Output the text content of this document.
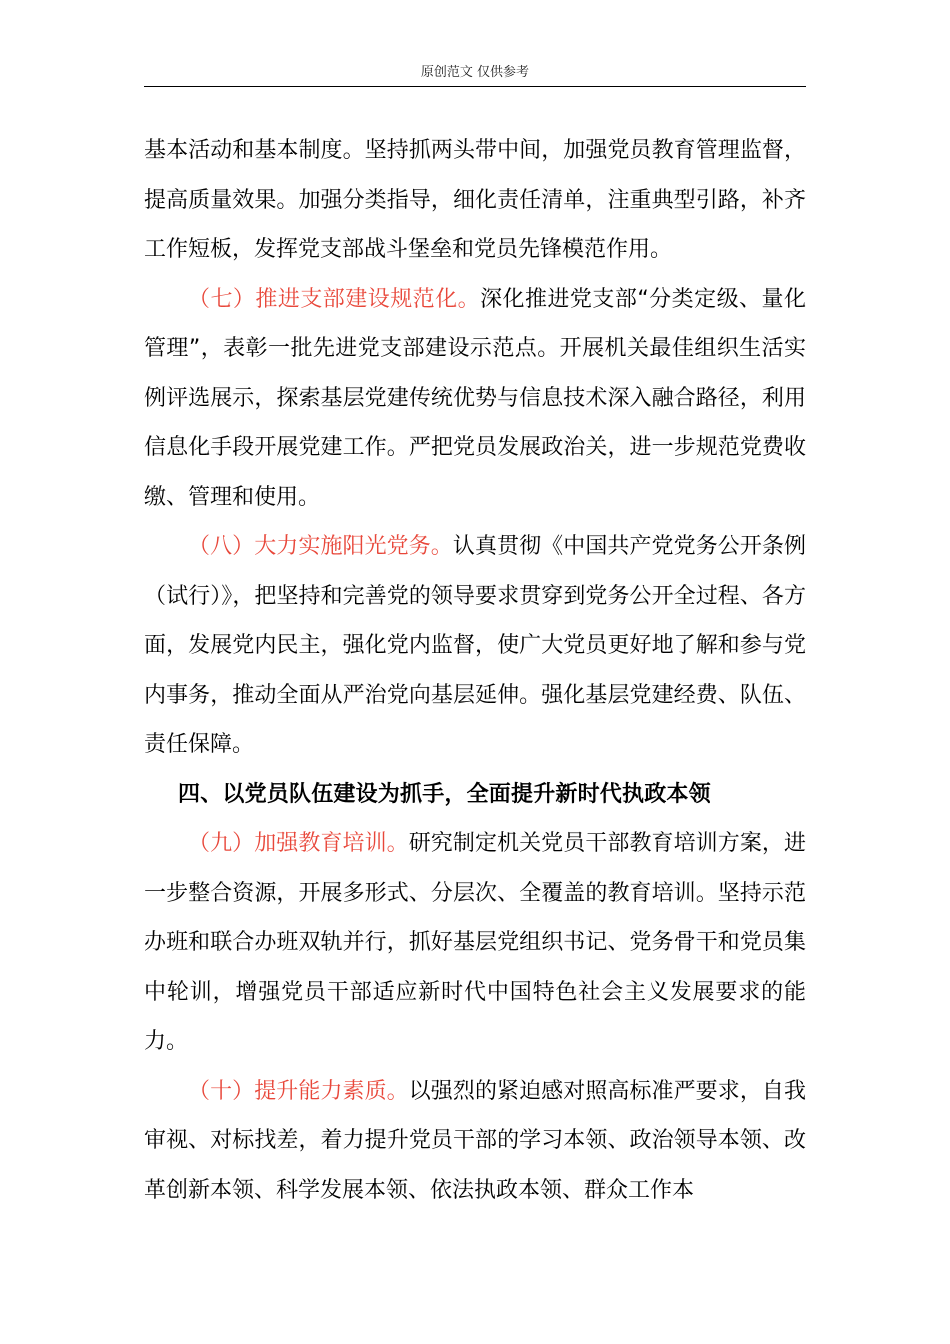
原创范文 仅供参考

基本活动和基本制度。坚持抓两头带中间，加强党员教育管理监督，提高质量效果。加强分类指导，细化责任清单，注重典型引路，补齐工作短板，发挥党支部战斗堡垒和党员先锋模范作用。

（七）推进支部建设规范化。深化推进党支部“分类定级、量化管理”，表彰一批先进党支部建设示范点。开展机关最佳组织生活实例评选展示，探索基层党建传统优势与信息技术深入融合路径，利用信息化手段开展党建工作。严把党员发展政治关，进一步规范党费收缴、管理和使用。

（八）大力实施阳光党务。认真贯彻《中国共产党党务公开条例（试行）》，把坚持和完善党的领导要求贯穿到党务公开全过程、各方面，发展党内民主，强化党内监督，使广大党员更好地了解和参与党内事务，推动全面从严治党向基层延伸。强化基层党建经费、队伍、责任保障。

四、以党员队伍建设为抓手，全面提升新时代执政本领

（九）加强教育培训。研究制定机关党员干部教育培训方案，进一步整合资源，开展多形式、分层次、全覆盖的教育培训。坚持示范办班和联合办班双轨并行，抓好基层党组织书记、党务骨干和党员集中轮训，增强党员干部适应新时代中国特色社会主义发展要求的能力。

（十）提升能力素质。以强烈的紧迫感对照高标准严要求，自我审视、对标找差，着力提升党员干部的学习本领、政治领导本领、改革创新本领、科学发展本领、依法执政本领、群众工作本
